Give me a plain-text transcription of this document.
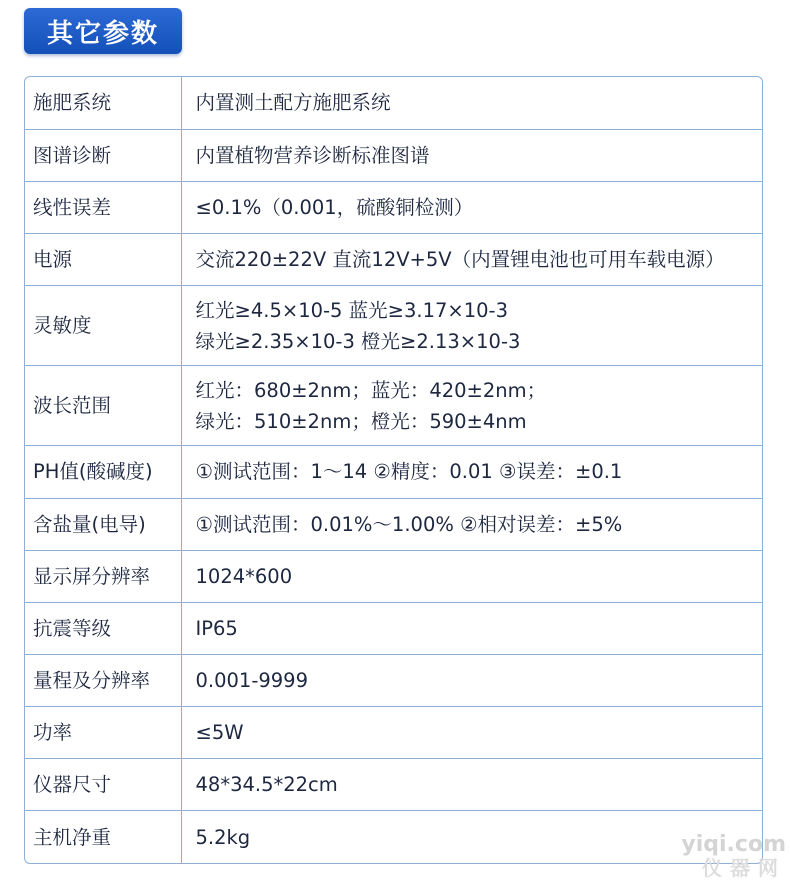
其它参数
施肥系统	内置测土配方施肥系统

图谱诊断	内置植物营养诊断标准图谱

线性误差	≤0.1%（0.001，硫酸铜检测）

电源	交流220±22V 直流12V+5V（内置锂电池也可用车载电源）

灵敏度	红光≥4.5×10-5 蓝光≥3.17×10-3
绿光≥2.35×10-3 橙光≥2.13×10-3

波长范围	红光：680±2nm；蓝光：420±2nm；
绿光：510±2nm；橙光：590±4nm

PH值(酸碱度)	①测试范围：1～14 ②精度：0.01 ③误差：±0.1

含盐量(电导)	①测试范围：0.01%～1.00% ②相对误差：±5%

显示屏分辨率	1024*600

抗震等级	IP65

量程及分辨率	0.001-9999

功率	≤5W

仪器尺寸	48*34.5*22cm

主机净重	5.2kg	yiqi.com
仪器网
